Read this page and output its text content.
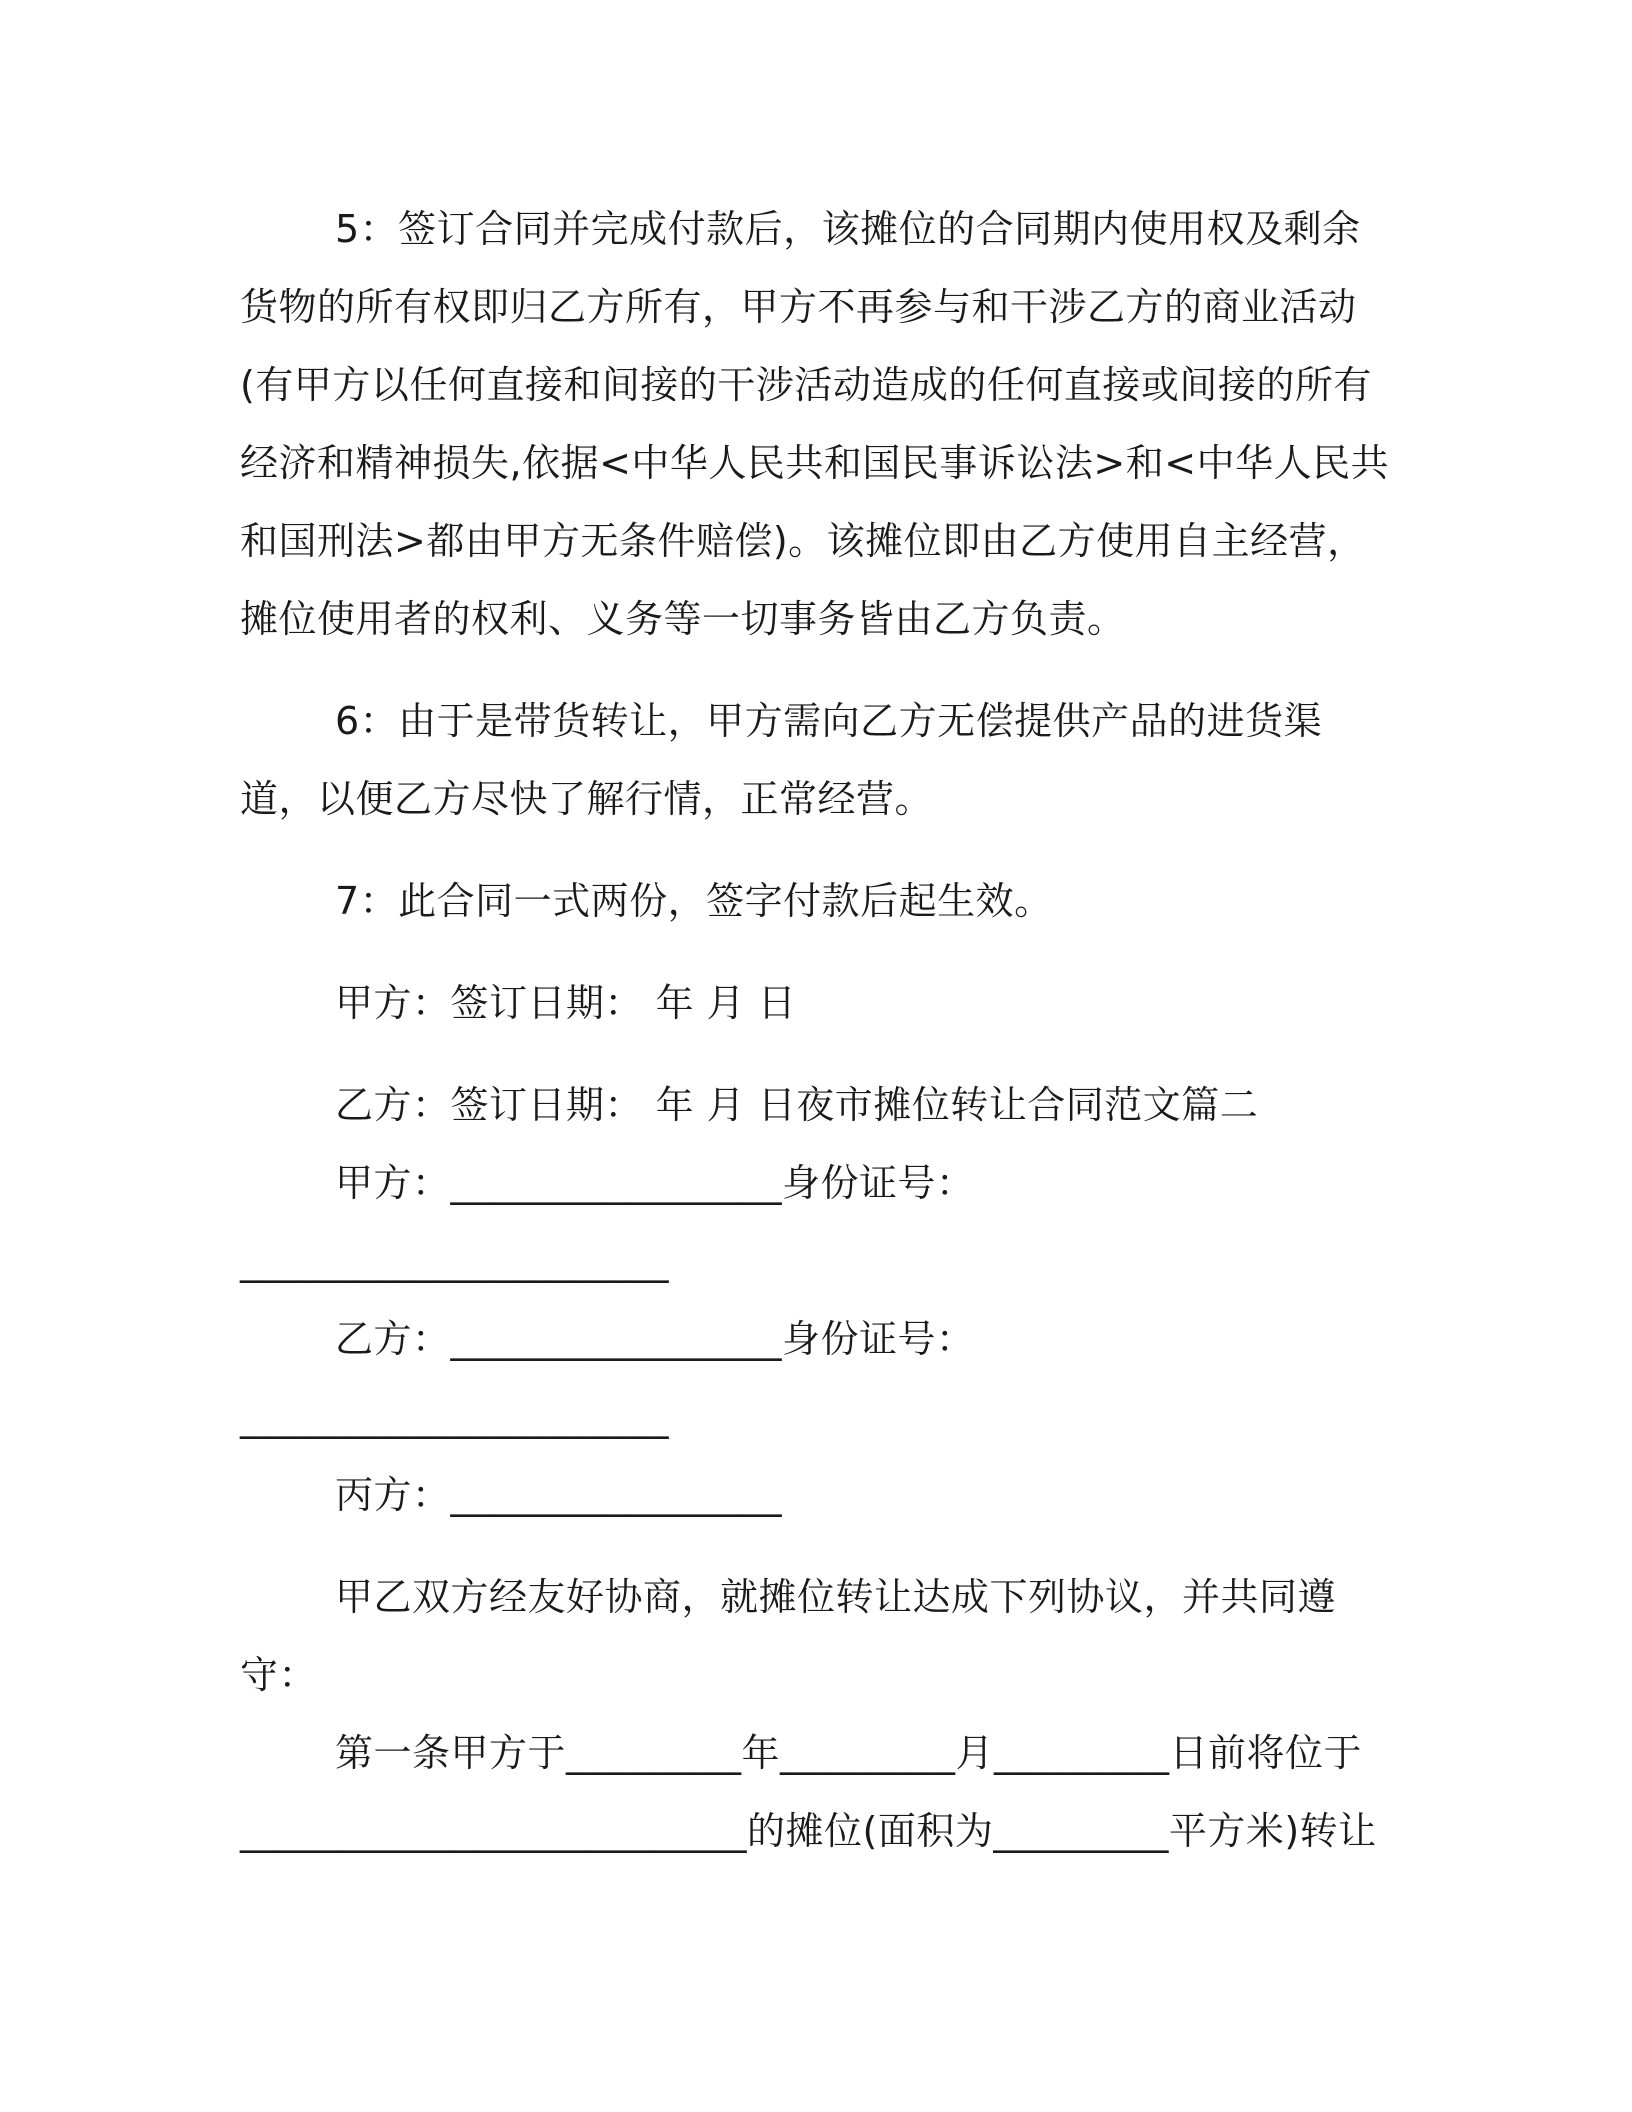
5：签订合同并完成付款后，该摊位的合同期内使用权及剩余货物的所有权即归乙方所有，甲方不再参与和干涉乙方的商业活动(有甲方以任何直接和间接的干涉活动造成的任何直接或间接的所有经济和精神损失,依据<中华人民共和国民事诉讼法>和<中华人民共和国刑法>都由甲方无条件赔偿)。该摊位即由乙方使用自主经营，摊位使用者的权利、义务等一切事务皆由乙方负责。

6：由于是带货转让，甲方需向乙方无偿提供产品的进货渠道，以便乙方尽快了解行情，正常经营。

7：此合同一式两份，签字付款后起生效。

甲方：签订日期： 年 月 日

乙方：签订日期： 年 月 日夜市摊位转让合同范文篇二

甲方：_________________身份证号：

______________________

乙方：_________________身份证号：

______________________

丙方：_________________

甲乙双方经友好协商，就摊位转让达成下列协议，并共同遵守：

第一条甲方于_________年_________月_________日前将位于

__________________________的摊位(面积为_________平方米)转让
